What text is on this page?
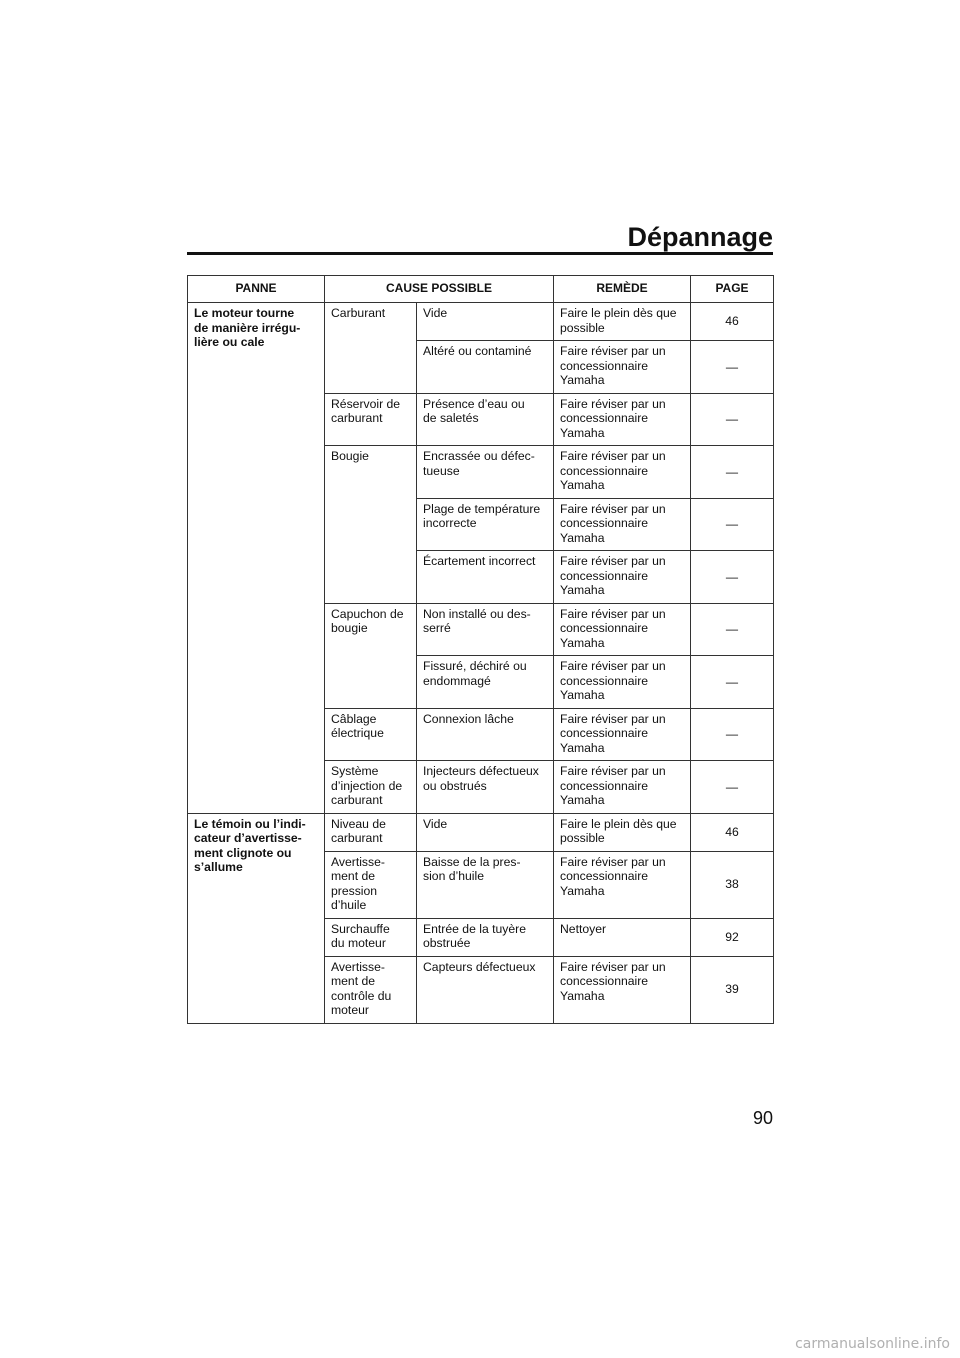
Dépannage
PANNE	CAUSE POSSIBLE		REMÈDE	PAGE
Le moteur tourne
de manière irrégu-
lière ou cale	Carburant	Vide	Faire le plein dès que
possible	46
		Altéré ou contaminé	Faire réviser par un
concessionnaire
Yamaha	—
	Réservoir de
carburant	Présence d’eau ou
de saletés	Faire réviser par un
concessionnaire
Yamaha	—
	Bougie	Encrassée ou défec-
tueuse	Faire réviser par un
concessionnaire
Yamaha	—
		Plage de température
incorrecte	Faire réviser par un
concessionnaire
Yamaha	—
		Écartement incorrect	Faire réviser par un
concessionnaire
Yamaha	—
	Capuchon de
bougie	Non installé ou des-
serré	Faire réviser par un
concessionnaire
Yamaha	—
		Fissuré, déchiré ou
endommagé	Faire réviser par un
concessionnaire
Yamaha	—
	Câblage
électrique	Connexion lâche	Faire réviser par un
concessionnaire
Yamaha	—
	Système
d’injection de
carburant	Injecteurs défectueux
ou obstrués	Faire réviser par un
concessionnaire
Yamaha	—
Le témoin ou l’indi-
cateur d’avertisse-
ment clignote ou
s’allume	Niveau de
carburant	Vide	Faire le plein dès que
possible	46
	Avertisse-
ment de
pression
d’huile	Baisse de la pres-
sion d’huile	Faire réviser par un
concessionnaire
Yamaha	38
	Surchauffe
du moteur	Entrée de la tuyère
obstruée	Nettoyer	92
	Avertisse-
ment de
contrôle du
moteur	Capteurs défectueux	Faire réviser par un
concessionnaire
Yamaha	39
90
carmanualsonline.info
